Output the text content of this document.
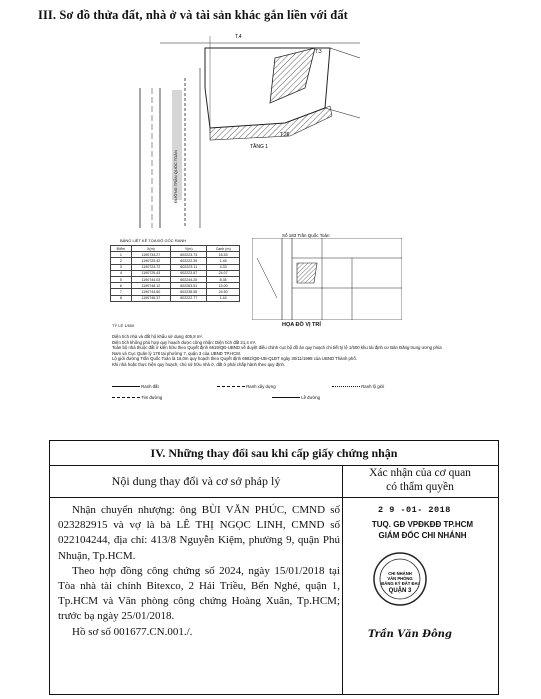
III. Sơ đồ thửa đất, nhà ở và tài sản khác gắn liền với đất
T.4
T.3
T.26
TẦNG 1
ĐƯỜNG TRẦN QUỐC TOẢN
BẢNG LIỆT KÊ TỌA ĐỘ GÓC RANH
Điểm	X(m)	Y(m)	Cạnh (m)
1	1190734.27	602223.73	16.53
2	1190725.42	602222.39	1.45
3	1190724.72	602223.11	4.33
4	1190725.43	602223.87	24.07
5	1190744.03	602244.25	8.35
6	1190748.12	602263.51	15.00
7	1190744.60	602238.55	24.50
8	1190746.37	602222.77	1.44
TỶ LỆ 1/500
Số 183 Trần Quốc Toản
HỌA ĐỒ VỊ TRÍ

Diện tích nhà và đất hộ khẩu sử dụng 405,8 m².

Diện tích không phù hợp quy hoạch được công nhận: Diện tích đất 21,4 m².

Toàn bộ nhà thuộc đất ở kiến hữu theo Quyết định 6619/QĐ-UBND về duyệt điều chỉnh cục bộ đồ án quy hoạch chi tiết tỷ lệ 1/500 khu tái định cư Bàn Đăng trung ương phía Nam và Cục Quản lý 178 tại phường 7, quận 3 của UBND TP.HCM.

Lộ giới đường Trần Quốc Toản là 16,0m quy hoạch theo Quyết định 6982/QĐ-UB-QLĐT ngày 30/11/1998 của UBND Thành phố.

Khi nhà hoặc thực hiện quy hoạch, chủ sở hữu nhà ở, đất ở phải chấp hành theo quy định.

Ranh đất	Ranh xây dựng	Ranh lộ giới
Tim đường	Lề đường
IV. Những thay đổi sau khi cấp giấy chứng nhận
Nội dung thay đổi và cơ sở pháp lý
Xác nhận của cơ quan
có thẩm quyền

Nhận chuyển nhượng: ông BÙI VĂN PHÚC, CMND số 023282915 và vợ là bà LÊ THỊ NGỌC LINH, CMND số 022104244, địa chỉ: 413/8 Nguyễn Kiệm, phường 9, quận Phú Nhuận, Tp.HCM.

Theo hợp đồng công chứng số 2024, ngày 15/01/2018 tại Tòa nhà tài chính Bitexco, 2 Hải Triều, Bến Nghé, quận 1, Tp.HCM và Văn phòng công chứng Hoàng Xuân, Tp.HCM; trước bạ ngày 25/01/2018.

Hồ sơ số 001677.CN.001./.

2 9 -01- 2018
TUQ. GĐ VPĐKĐĐ TP.HCM
GIÁM ĐỐC CHI NHÁNH
CHI NHÁNH
VĂN PHÒNG
ĐĂNG KÝ ĐẤT ĐAI
QUẬN 3
Trần Văn Đông
